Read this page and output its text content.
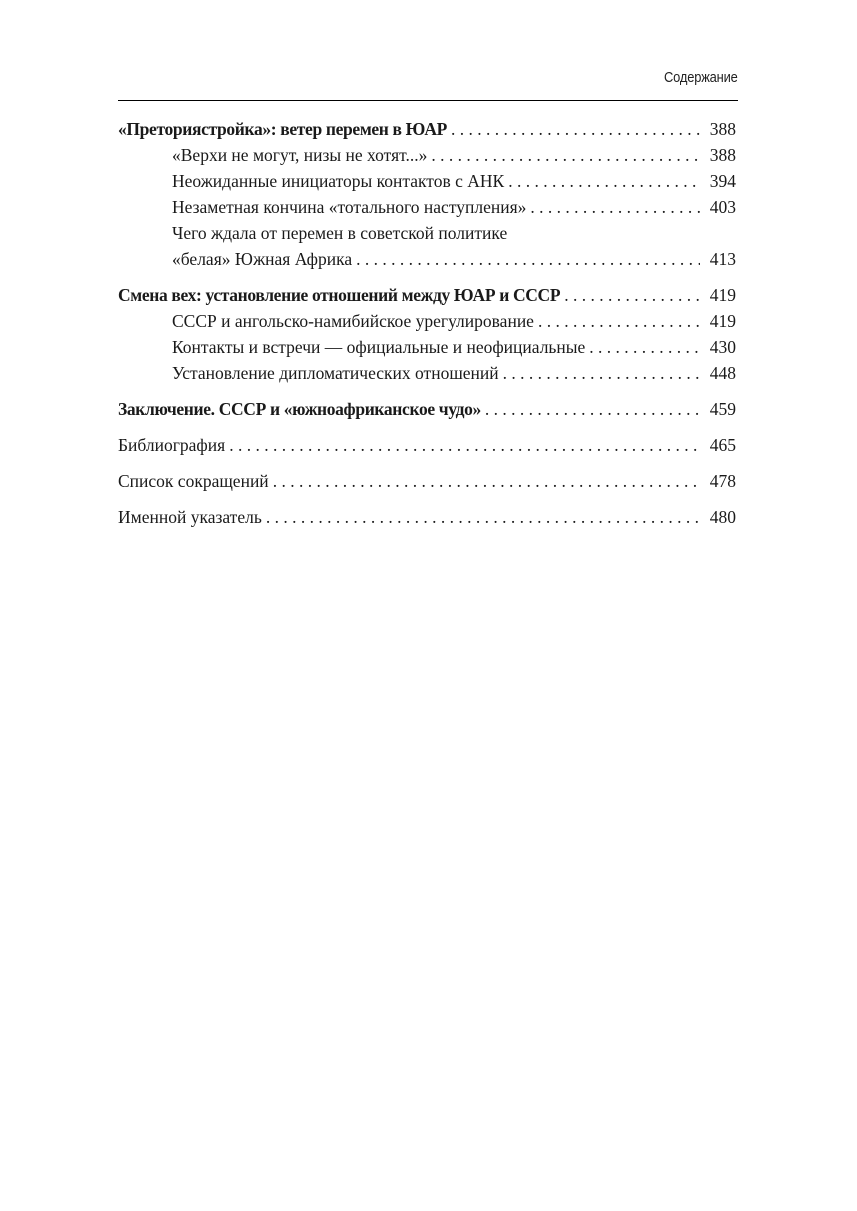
Содержание
«Преториястройка»: ветер перемен в ЮАР . . .	388
«Верхи не могут, низы не хотят...» . . .	388
Неожиданные инициаторы контактов с АНК . . .	394
Незаметная кончина «тотального наступления» . . .	403
Чего ждала от перемен в советской политике
«белая» Южная Африка . . .	413
Смена вех: установление отношений между ЮАР и СССР . . .	419
СССР и ангольско-намибийское урегулирование . . .	419
Контакты и встречи — официальные и неофициальные . . .	430
Установление дипломатических отношений . . .	448
Заключение. СССР и «южноафриканское чудо» . . .	459
Библиография . . .	465
Список сокращений . . .	478
Именной указатель . . .	480
